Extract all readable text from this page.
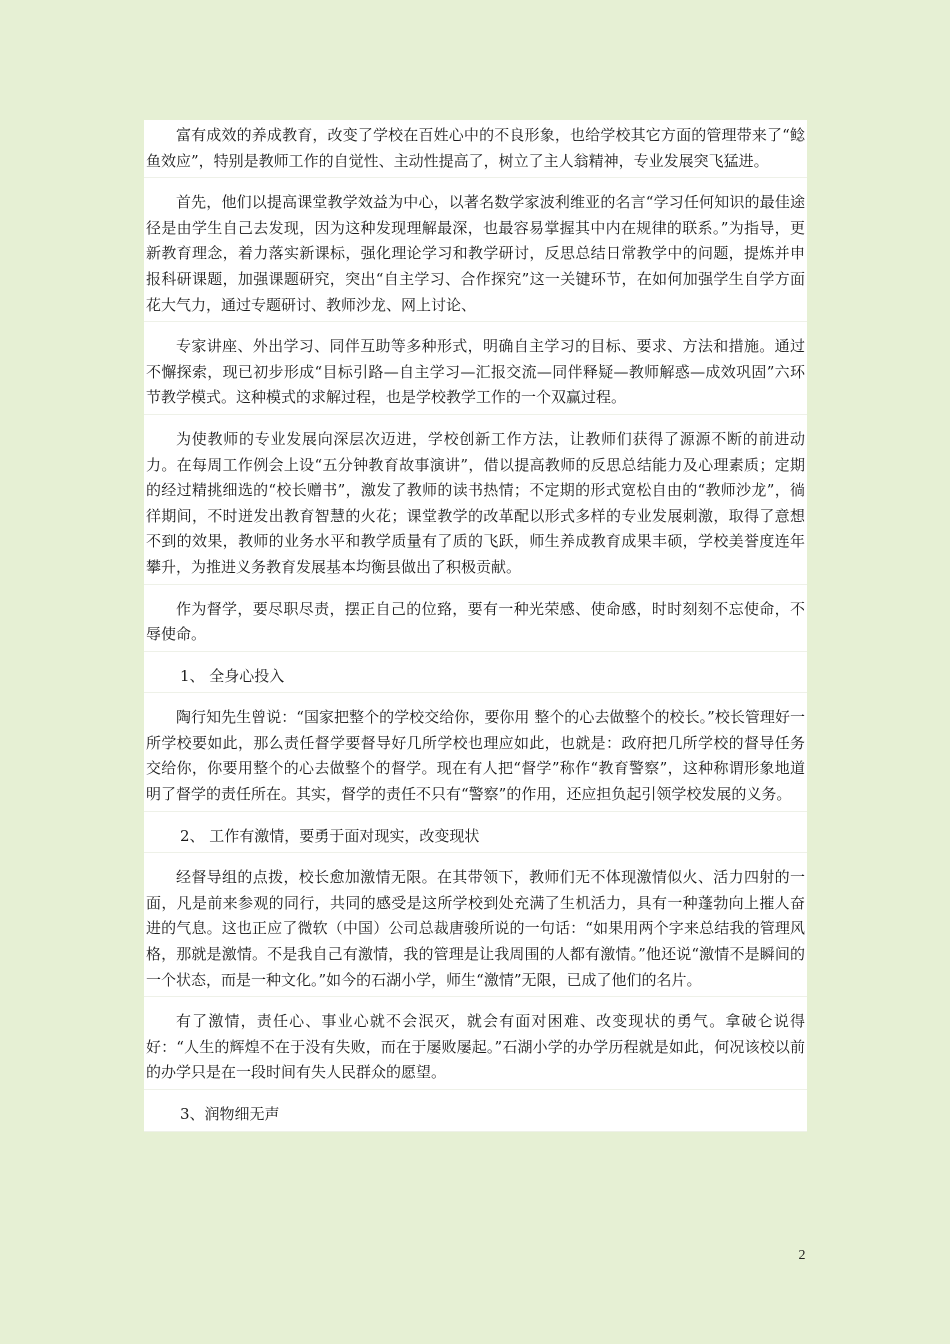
富有成效的养成教育，改变了学校在百姓心中的不良形象，也给学校其它方面的管理带来了“鲶鱼效应”，特别是教师工作的自觉性、主动性提高了，树立了主人翁精神，专业发展突飞猛进。

首先，他们以提高课堂教学效益为中心，以著名数学家波利维亚的名言“学习任何知识的最佳途径是由学生自己去发现，因为这种发现理解最深，也最容易掌握其中内在规律的联系。”为指导，更新教育理念，着力落实新课标，强化理论学习和教学研讨，反思总结日常教学中的问题，提炼并申报科研课题，加强课题研究，突出“自主学习、合作探究”这一关键环节，在如何加强学生自学方面花大气力，通过专题研讨、教师沙龙、网上讨论、

专家讲座、外出学习、同伴互助等多种形式，明确自主学习的目标、要求、方法和措施。通过不懈探索，现已初步形成“目标引路—自主学习—汇报交流—同伴释疑—教师解惑—成效巩固”六环节教学模式。这种模式的求解过程，也是学校教学工作的一个双赢过程。

为使教师的专业发展向深层次迈进，学校创新工作方法，让教师们获得了源源不断的前进动力。在每周工作例会上设“五分钟教育故事演讲”，借以提高教师的反思总结能力及心理素质；定期的经过精挑细选的“校长赠书”，激发了教师的读书热情；不定期的形式宽松自由的“教师沙龙”，徜徉期间，不时迸发出教育智慧的火花；课堂教学的改革配以形式多样的专业发展刺激，取得了意想不到的效果，教师的业务水平和教学质量有了质的飞跃，师生养成教育成果丰硕，学校美誉度连年攀升，为推进义务教育发展基本均衡县做出了积极贡献。

作为督学，要尽职尽责，摆正自己的位臵，要有一种光荣感、使命感，时时刻刻不忘使命，不辱使命。

1、 全身心投入

陶行知先生曾说：“国家把整个的学校交给你，要你用 整个的心去做整个的校长。”校长管理好一所学校要如此，那么责任督学要督导好几所学校也理应如此，也就是：政府把几所学校的督导任务交给你，你要用整个的心去做整个的督学。现在有人把“督学”称作“教育警察”，这种称谓形象地道明了督学的责任所在。其实，督学的责任不只有“警察”的作用，还应担负起引领学校发展的义务。

2、 工作有激情，要勇于面对现实，改变现状

经督导组的点拨，校长愈加激情无限。在其带领下，教师们无不体现激情似火、活力四射的一面，凡是前来参观的同行，共同的感受是这所学校到处充满了生机活力，具有一种蓬勃向上摧人奋进的气息。这也正应了微软（中国）公司总裁唐骏所说的一句话：“如果用两个字来总结我的管理风格，那就是激情。不是我自己有激情，我的管理是让我周围的人都有激情。”他还说“激情不是瞬间的一个状态，而是一种文化。”如今的石湖小学，师生“激情”无限，已成了他们的名片。

有了激情，责任心、事业心就不会泯灭，就会有面对困难、改变现状的勇气。拿破仑说得好：“人生的辉煌不在于没有失败，而在于屡败屡起。”石湖小学的办学历程就是如此，何况该校以前的办学只是在一段时间有失人民群众的愿望。

3、润物细无声

2
